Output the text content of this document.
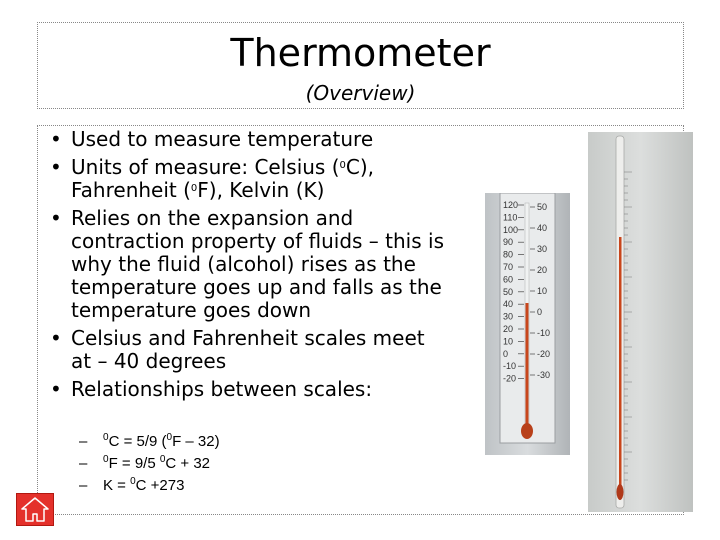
Thermometer
(Overview)
• Used to measure temperature
• Units of measure: Celsius ($^0$C), Fahrenheit ($^0$F), Kelvin (K)
• Relies on the expansion and contraction property of fluids – this is why the fluid (alcohol) rises as the temperature goes up and falls as the temperature goes down
• Celsius and Fahrenheit scales meet at – 40 degrees
• Relationships between scales:
– $^0$C = 5/9 ($^0$F – 32)
– $^0$F = 9/5 $^0$C + 32
– K = $^0$C +273
120
110
100
90
80
70
60
50
40
30
20
10
0
-10
-20
50
40
30
20
10
0
-10
-20
-30
